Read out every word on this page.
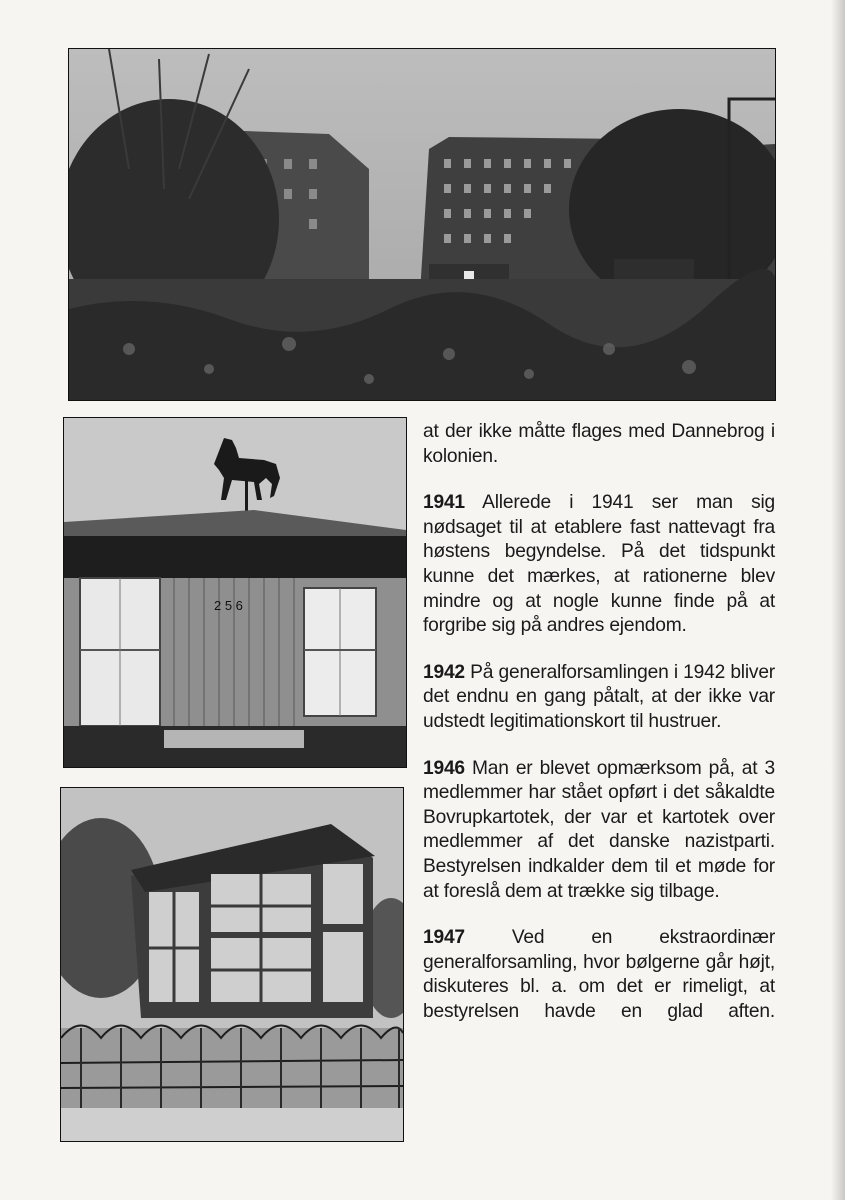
2 5 6

at der ikke måtte flages med Dannebrog i kolonien.

1941 Allerede i 1941 ser man sig nødsaget til at etablere fast nattevagt fra høstens begyndelse. På det tidspunkt kunne det mærkes, at rationerne blev mindre og at nogle kunne finde på at forgribe sig på andres ejendom.

1942 På generalforsamlingen i 1942 bliver det endnu en gang påtalt, at der ikke var udstedt legitimationskort til hustruer.

1946 Man er blevet opmærksom på, at 3 medlemmer har stået opført i det såkaldte Bovrupkartotek, der var et kartotek over medlemmer af det danske nazistparti. Bestyrelsen indkalder dem til et møde for at foreslå dem at trække sig tilbage.

1947 Ved en ekstraordinær generalforsamling, hvor bølgerne går højt, diskuteres bl. a. om det er rimeligt, at bestyrelsen havde en glad aften.
